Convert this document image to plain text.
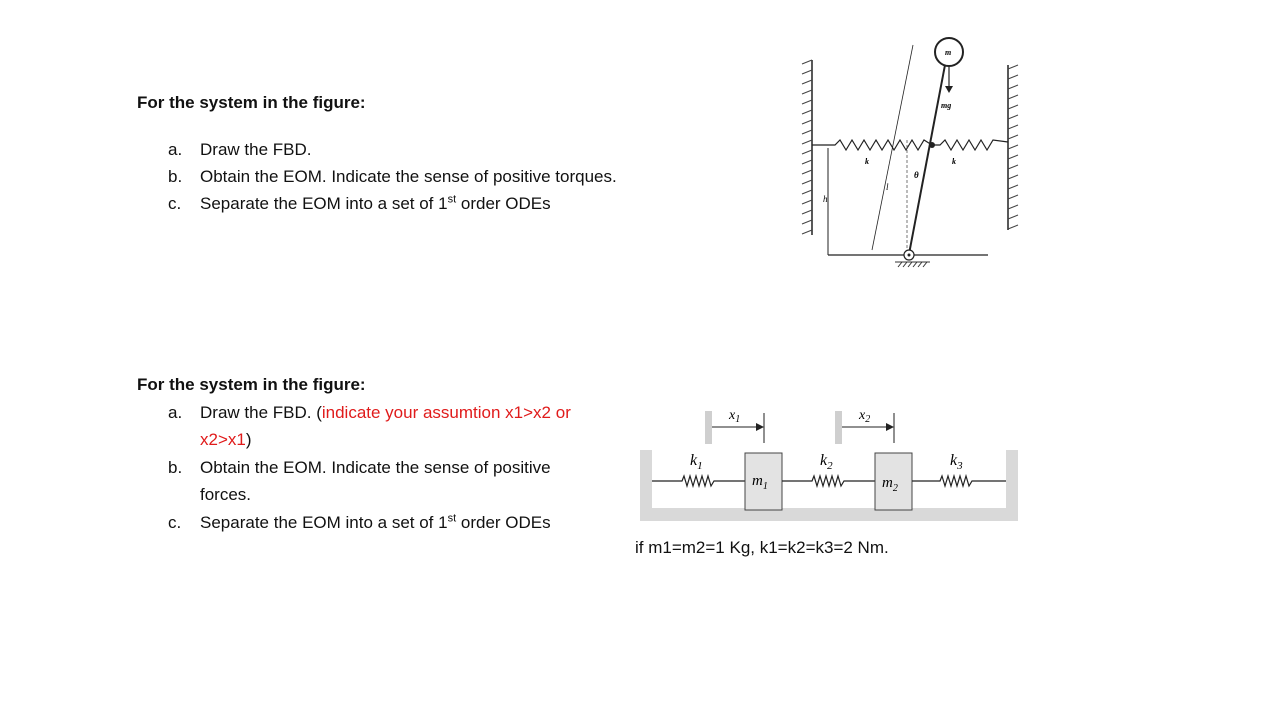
For the system in the figure:
a. Draw the FBD.
b. Obtain the EOM. Indicate the sense of positive torques.
c. Separate the EOM into a set of 1st order ODEs	h
l
m
mg
k	k
θ
For the system in the figure:
a. Draw the FBD. (indicate your assumtion x1>x2 or
x2>x1)
b. Obtain the EOM. Indicate the sense of positive
forces.
c. Separate the EOM into a set of 1st order ODEs
$x_1$	$x_2$
$k_1$
$m_1$
$k_2$
$m_2$
$k_3$
if m1=m2=1 Kg, k1=k2=k3=2 Nm.
